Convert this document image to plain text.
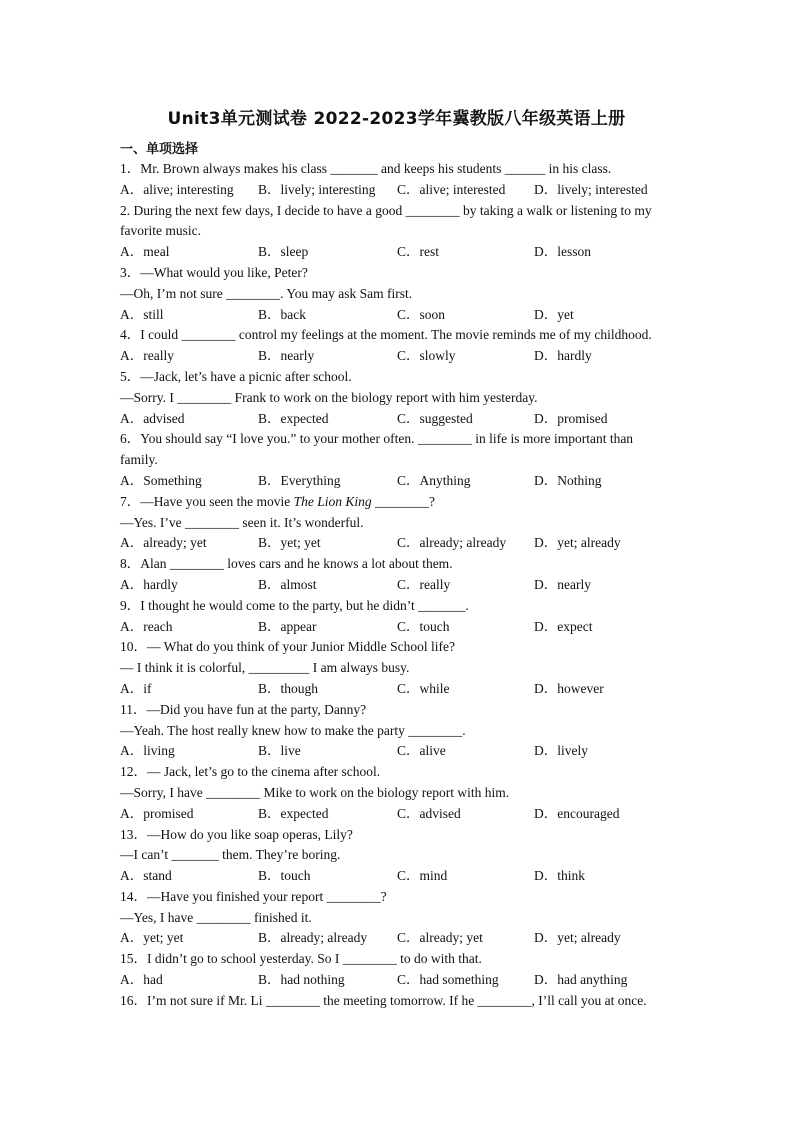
Unit3单元测试卷 2022-2023学年冀教版八年级英语上册
一、单项选择
1．Mr. Brown always makes his class _______ and keeps his students ______ in his class.
A．alive; interesting B．lively; interesting C．alive; interested D．lively; interested
2. During the next few days, I decide to have a good ________ by taking a walk or listening to my
favorite music.
A．meal	B．sleep	C．rest	D．lesson
3．—What would you like, Peter?
—Oh, I’m not sure ________. You may ask Sam first.
A．still	B．back	C．soon	D．yet
4．I could ________ control my feelings at the moment. The movie reminds me of my childhood.
A．really	B．nearly	C．slowly	D．hardly
5．—Jack, let’s have a picnic after school.
—Sorry. I ________ Frank to work on the biology report with him yesterday.
A．advised	B．expected	C．suggested	D．promised
6．You should say “I love you.” to your mother often. ________ in life is more important than
family.
A．Something	B．Everything	C．Anything	D．Nothing
7．—Have you seen the movie The Lion King ________?
—Yes. I’ve ________ seen it. It’s wonderful.
A．already; yet	B．yet; yet	C．already; already D．yet; already
8．Alan ________ loves cars and he knows a lot about them.
A．hardly	B．almost	C．really	D．nearly
9．I thought he would come to the party, but he didn’t _______.
A．reach	B．appear	C．touch	D．expect
10．— What do you think of your Junior Middle School life?
— I think it is colorful, _________ I am always busy.
A．if	B．though	C．while	D．however
11．—Did you have fun at the party, Danny?
—Yeah. The host really knew how to make the party ________.
A．living	B．live	C．alive	D．lively
12．— Jack, let’s go to the cinema after school.
—Sorry, I have ________ Mike to work on the biology report with him.
A．promised	B．expected	C．advised	D．encouraged
13．—How do you like soap operas, Lily?
—I can’t _______ them. They’re boring.
A．stand	B．touch	C．mind	D．think
14．—Have you finished your report ________?
—Yes, I have ________ finished it.
A．yet; yet	B．already; already C．already; yet	D．yet; already
15．I didn’t go to school yesterday. So I ________ to do with that.
A．had	B．had nothing	C．had something	D．had anything
16．I’m not sure if Mr. Li ________ the meeting tomorrow. If he ________, I’ll call you at once.
